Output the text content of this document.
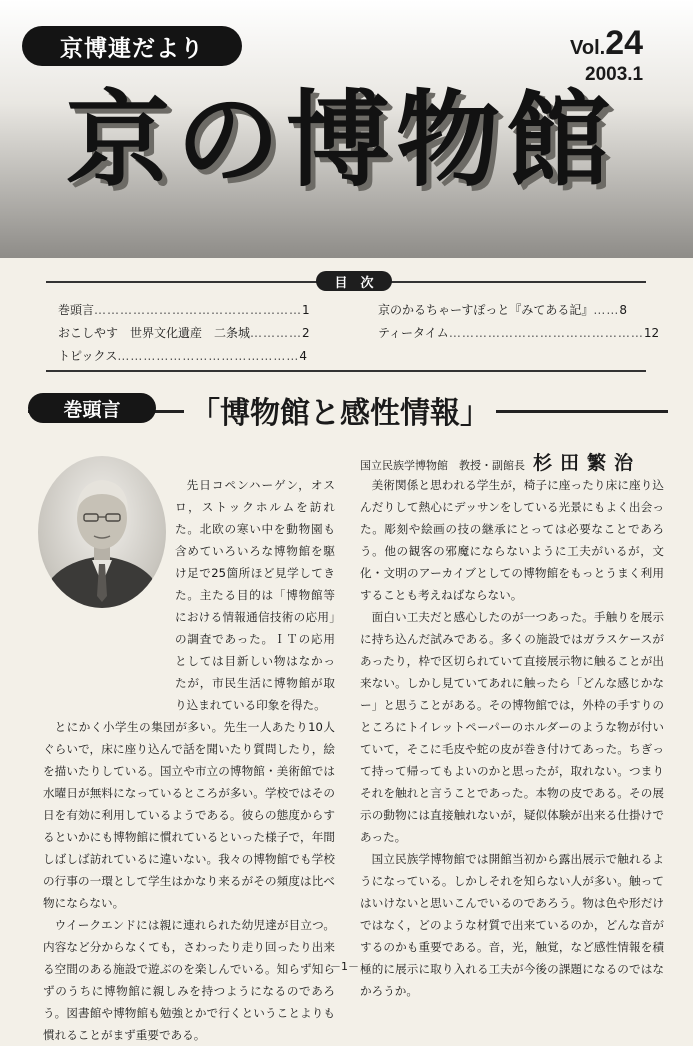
京博連だより	Vol.24
2003.1
京の博物館
目　次
巻頭言…………………………………………1
おこしやす　世界文化遺産　二条城…………2
トピックス……………………………………4
京のかるちゃーすぽっと『みてある記』……8
ティータイム………………………………………12
巻頭言	「博物館と感性情報」
国立民族学博物館　教授・副館長 杉田繁治

先日コペンハーゲン，オスロ，ストックホルムを訪れた。北欧の寒い中を動物園も含めていろいろな博物館を駆け足で25箇所ほど見学してきた。主たる目的は「博物館等における情報通信技術の応用」の調査であった。ＩＴの応用としては目新しい物はなかったが，市民生活に博物館が取り込まれている印象を得た。

とにかく小学生の集団が多い。先生一人あたり10人ぐらいで，床に座り込んで話を聞いたり質問したり，絵を描いたりしている。国立や市立の博物館・美術館では水曜日が無料になっているところが多い。学校ではその日を有効に利用しているようである。彼らの態度からするといかにも博物館に慣れているといった様子で，年間しばしば訪れているに違いない。我々の博物館でも学校の行事の一環として学生はかなり来るがその頻度は比べ物にならない。

ウイークエンドには親に連れられた幼児達が目立つ。内容など分からなくても，さわったり走り回ったり出来る空間のある施設で遊ぶのを楽しんでいる。知らず知らずのうちに博物館に親しみを持つようになるのであろう。図書館や博物館も勉強とかで行くということよりも慣れることがまず重要である。

美術関係と思われる学生が，椅子に座ったり床に座り込んだりして熱心にデッサンをしている光景にもよく出会った。彫刻や絵画の技の継承にとっては必要なことであろう。他の観客の邪魔にならないように工夫がいるが，文化・文明のアーカイブとしての博物館をもっとうまく利用することも考えねばならない。

面白い工夫だと感心したのが一つあった。手触りを展示に持ち込んだ試みである。多くの施設ではガラスケースがあったり，枠で区切られていて直接展示物に触ることが出来ない。しかし見ていてあれに触ったら「どんな感じかなー」と思うことがある。その博物館では，外枠の手すりのところにトイレットペーパーのホルダーのような物が付いていて，そこに毛皮や蛇の皮が巻き付けてあった。ちぎって持って帰ってもよいのかと思ったが，取れない。つまりそれを触れと言うことであった。本物の皮である。その展示の動物には直接触れないが，疑似体験が出来る仕掛けであった。

国立民族学博物館では開館当初から露出展示で触れるようになっている。しかしそれを知らない人が多い。触ってはいけないと思いこんでいるのであろう。物は色や形だけではなく，どのような材質で出来ているのか，どんな音がするのかも重要である。音，光，触覚，など感性情報を積極的に展示に取り入れる工夫が今後の課題になるのではなかろうか。

－1－
